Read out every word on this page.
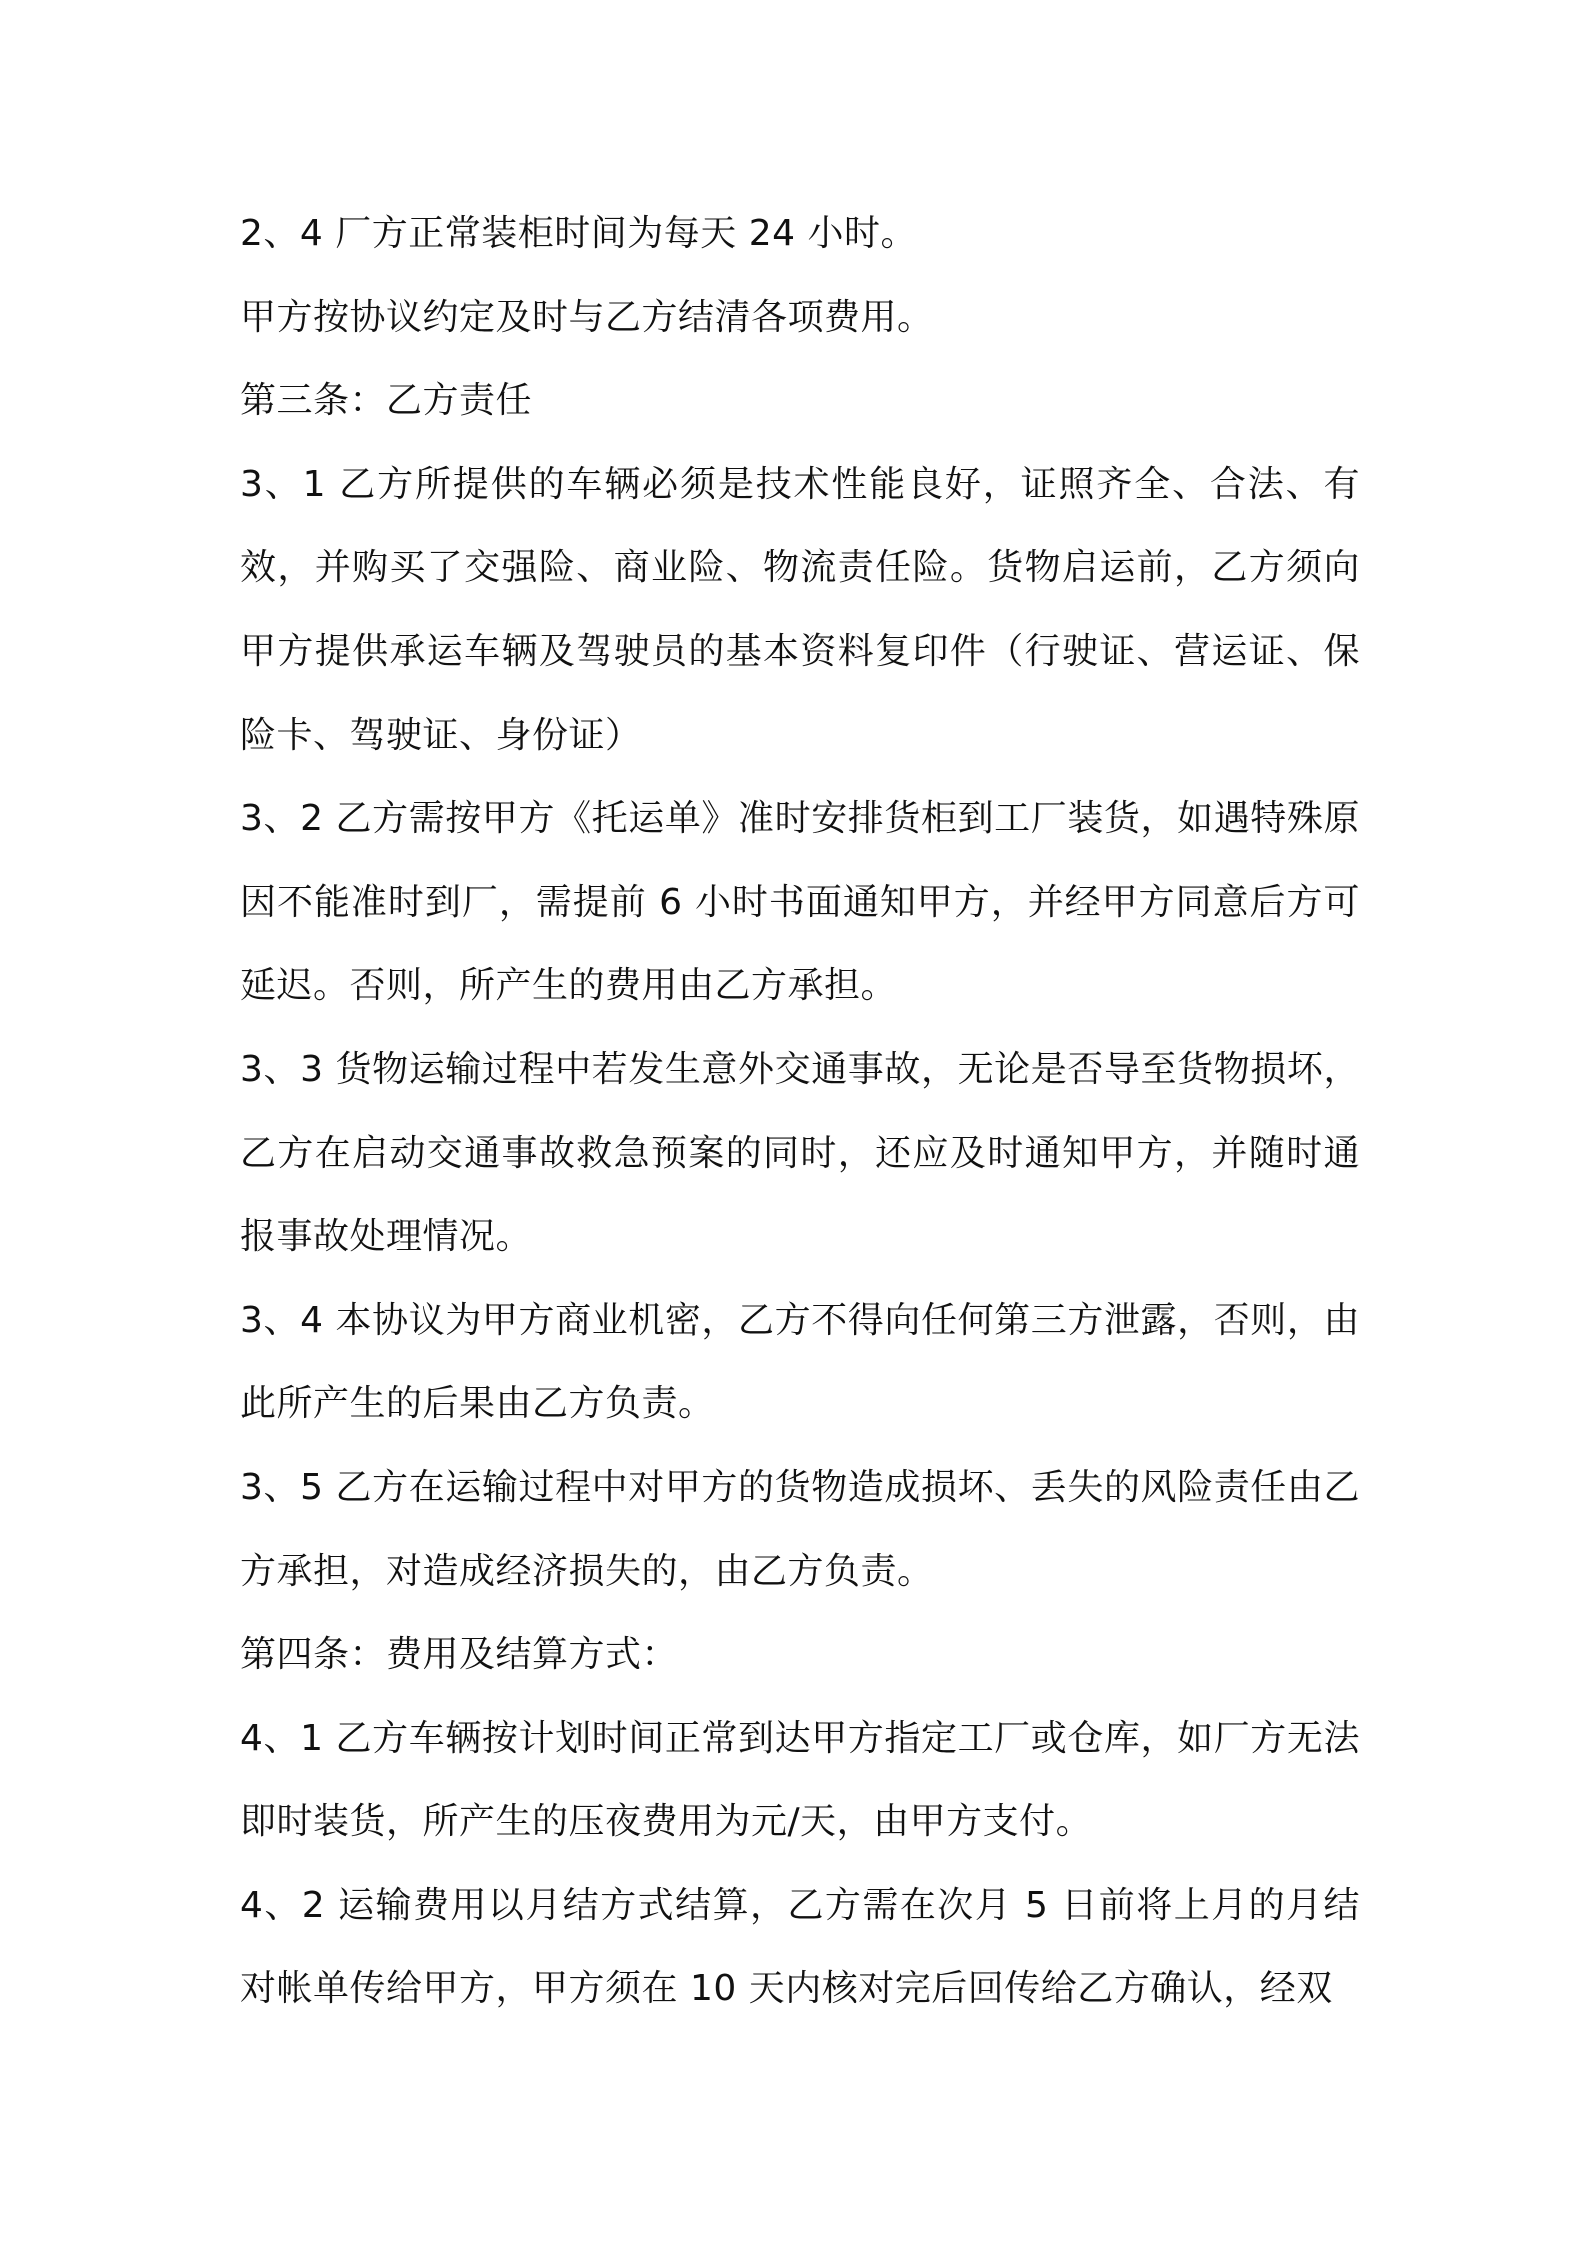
2、4 厂方正常装柜时间为每天 24 小时。

甲方按协议约定及时与乙方结清各项费用。

第三条：乙方责任

3、1 乙方所提供的车辆必须是技术性能良好，证照齐全、合法、有效，并购买了交强险、商业险、物流责任险。货物启运前，乙方须向甲方提供承运车辆及驾驶员的基本资料复印件（行驶证、营运证、保险卡、驾驶证、身份证）

3、2 乙方需按甲方《托运单》准时安排货柜到工厂装货，如遇特殊原因不能准时到厂，需提前 6 小时书面通知甲方，并经甲方同意后方可延迟。否则，所产生的费用由乙方承担。

3、3 货物运输过程中若发生意外交通事故，无论是否导至货物损坏，乙方在启动交通事故救急预案的同时，还应及时通知甲方，并随时通报事故处理情况。

3、4 本协议为甲方商业机密，乙方不得向任何第三方泄露，否则，由此所产生的后果由乙方负责。

3、5 乙方在运输过程中对甲方的货物造成损坏、丢失的风险责任由乙方承担，对造成经济损失的，由乙方负责。

第四条：费用及结算方式：

4、1 乙方车辆按计划时间正常到达甲方指定工厂或仓库，如厂方无法即时装货，所产生的压夜费用为元/天，由甲方支付。

4、2 运输费用以月结方式结算，乙方需在次月 5 日前将上月的月结对帐单传给甲方，甲方须在 10 天内核对完后回传给乙方确认，经双
